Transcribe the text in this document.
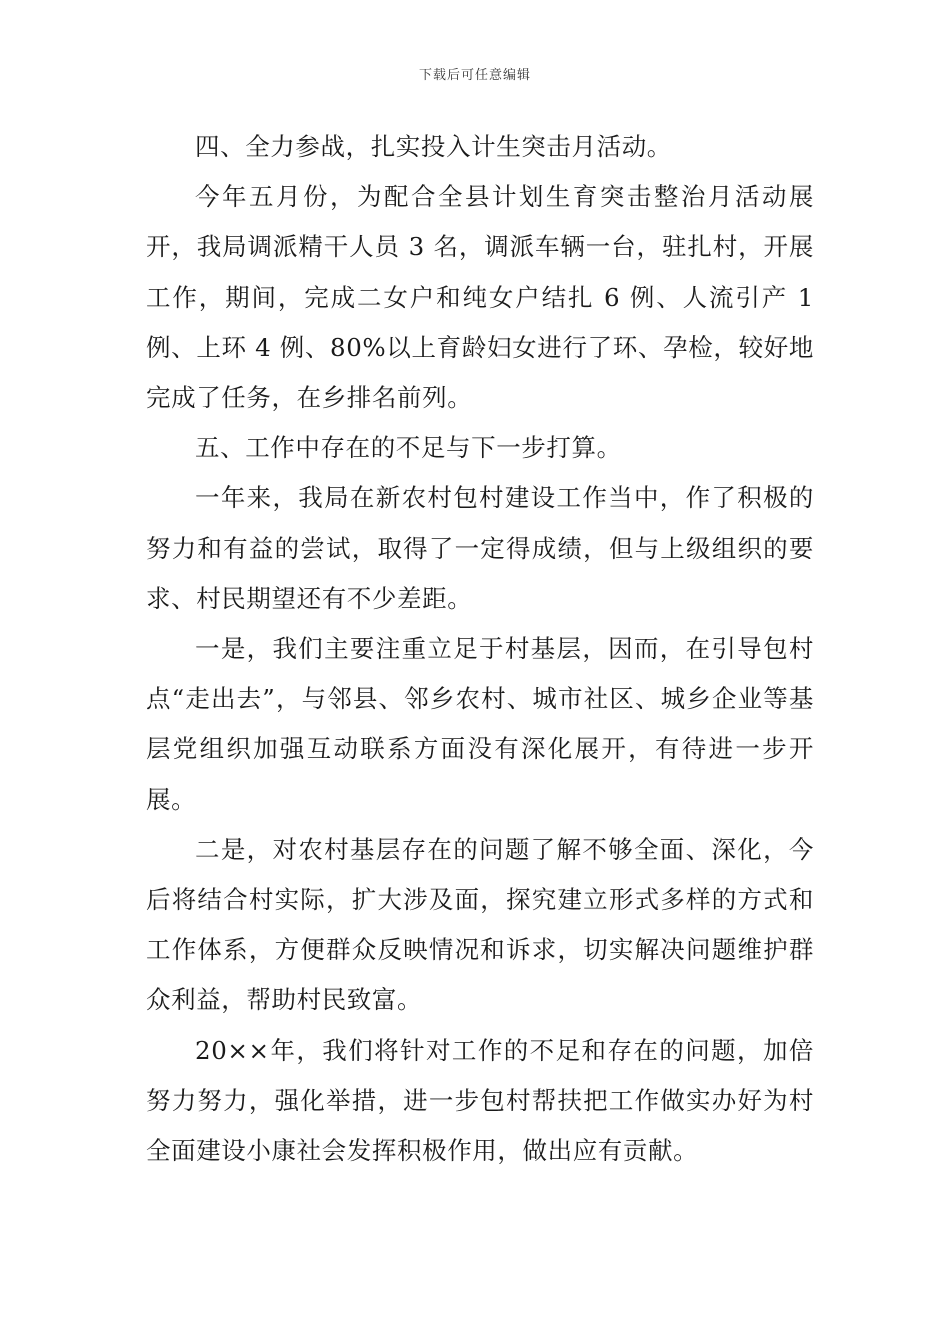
下载后可任意编辑

四、全力参战，扎实投入计生突击月活动。

今年五月份，为配合全县计划生育突击整治月活动展开，我局调派精干人员 3 名，调派车辆一台，驻扎村，开展工作，期间，完成二女户和纯女户结扎 6 例、人流引产 1 例、上环 4 例、80%以上育龄妇女进行了环、孕检，较好地完成了任务，在乡排名前列。

五、工作中存在的不足与下一步打算。

一年来，我局在新农村包村建设工作当中，作了积极的努力和有益的尝试，取得了一定得成绩，但与上级组织的要求、村民期望还有不少差距。

一是，我们主要注重立足于村基层，因而，在引导包村点“走出去”，与邻县、邻乡农村、城市社区、城乡企业等基层党组织加强互动联系方面没有深化展开，有待进一步开展。

二是，对农村基层存在的问题了解不够全面、深化，今后将结合村实际，扩大涉及面，探究建立形式多样的方式和工作体系，方便群众反映情况和诉求，切实解决问题维护群众利益，帮助村民致富。

20××年，我们将针对工作的不足和存在的问题，加倍努力努力，强化举措，进一步包村帮扶把工作做实办好为村全面建设小康社会发挥积极作用，做出应有贡献。
